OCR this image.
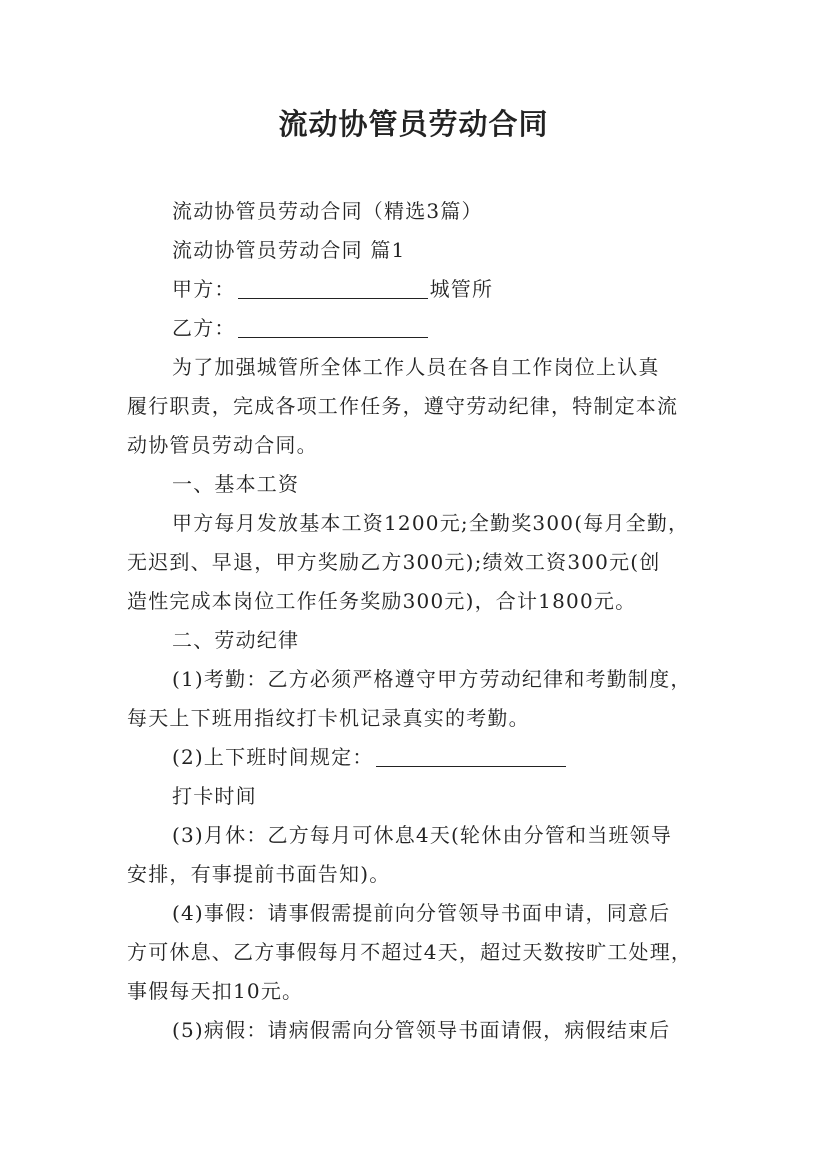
流动协管员劳动合同
流动协管员劳动合同（精选3篇）
流动协管员劳动合同 篇1
甲方：	城管所
乙方：
为了加强城管所全体工作人员在各自工作岗位上认真
履行职责，完成各项工作任务，遵守劳动纪律，特制定本流
动协管员劳动合同。
一、基本工资
甲方每月发放基本工资1200元;全勤奖300(每月全勤，
无迟到、早退，甲方奖励乙方300元);绩效工资300元(创
造性完成本岗位工作任务奖励300元)，合计1800元。
二、劳动纪律
(1)考勤：乙方必须严格遵守甲方劳动纪律和考勤制度，
每天上下班用指纹打卡机记录真实的考勤。
(2)上下班时间规定：
打卡时间
(3)月休：乙方每月可休息4天(轮休由分管和当班领导
安排，有事提前书面告知)。
(4)事假：请事假需提前向分管领导书面申请，同意后
方可休息、乙方事假每月不超过4天，超过天数按旷工处理，
事假每天扣10元。
(5)病假：请病假需向分管领导书面请假，病假结束后
